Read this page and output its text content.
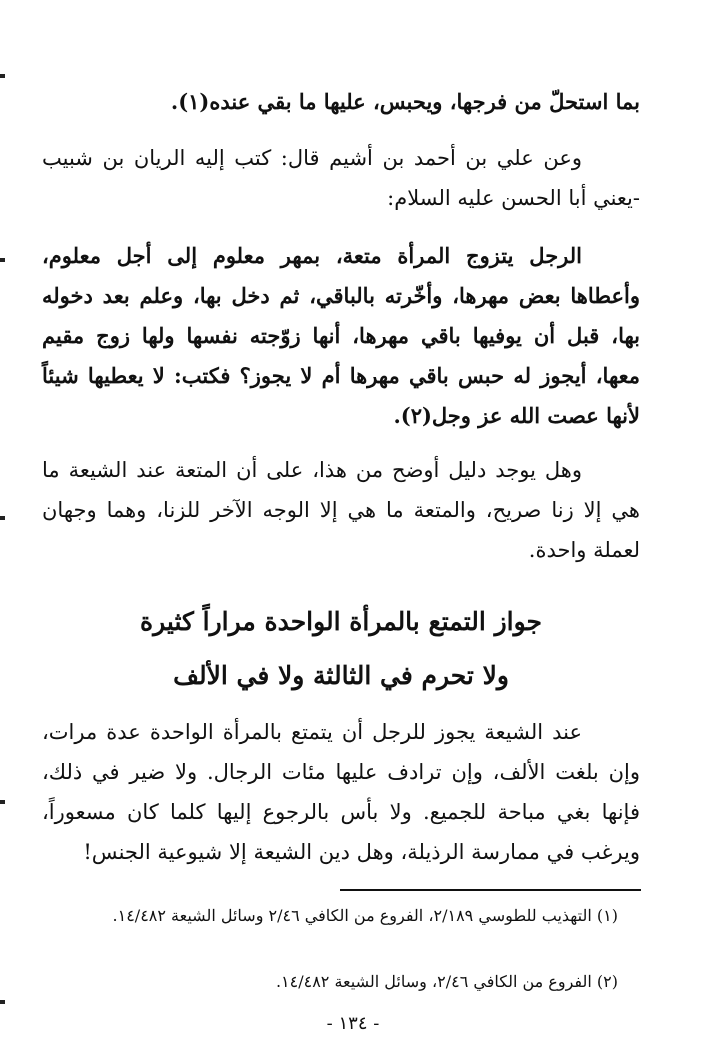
بما استحلّ من فرجها، ويحبس، عليها ما بقي عنده(١).
وعن علي بن أحمد بن أشيم قال: كتب إليه الريان بن شبيب -يعني أبا الحسن عليه السلام:
الرجل يتزوج المرأة متعة، بمهر معلوم إلى أجل معلوم، وأعطاها بعض مهرها، وأخّرته بالباقي، ثم دخل بها، وعلم بعد دخوله بها، قبل أن يوفيها باقي مهرها، أنها زوّجته نفسها ولها زوج مقيم معها، أيجوز له حبس باقي مهرها أم لا يجوز؟ فكتب: لا يعطيها شيئاً لأنها عصت الله عز وجل(٢).
وهل يوجد دليل أوضح من هذا، على أن المتعة عند الشيعة ما هي إلا زنا صريح، والمتعة ما هي إلا الوجه الآخر للزنا، وهما وجهان لعملة واحدة.
جواز التمتع بالمرأة الواحدة مراراً كثيرة
ولا تحرم في الثالثة ولا في الألف
عند الشيعة يجوز للرجل أن يتمتع بالمرأة الواحدة عدة مرات، وإن بلغت الألف، وإن ترادف عليها مئات الرجال. ولا ضير في ذلك، فإنها بغي مباحة للجميع. ولا بأس بالرجوع إليها كلما كان مسعوراً، ويرغب في ممارسة الرذيلة، وهل دين الشيعة إلا شيوعية الجنس!
(١) التهذيب للطوسي ٢/١٨٩، الفروع من الكافي ٢/٤٦ وسائل الشيعة ١٤/٤٨٢.
(٢) الفروع من الكافي ٢/٤٦، وسائل الشيعة ١٤/٤٨٢.
- ١٣٤ -
